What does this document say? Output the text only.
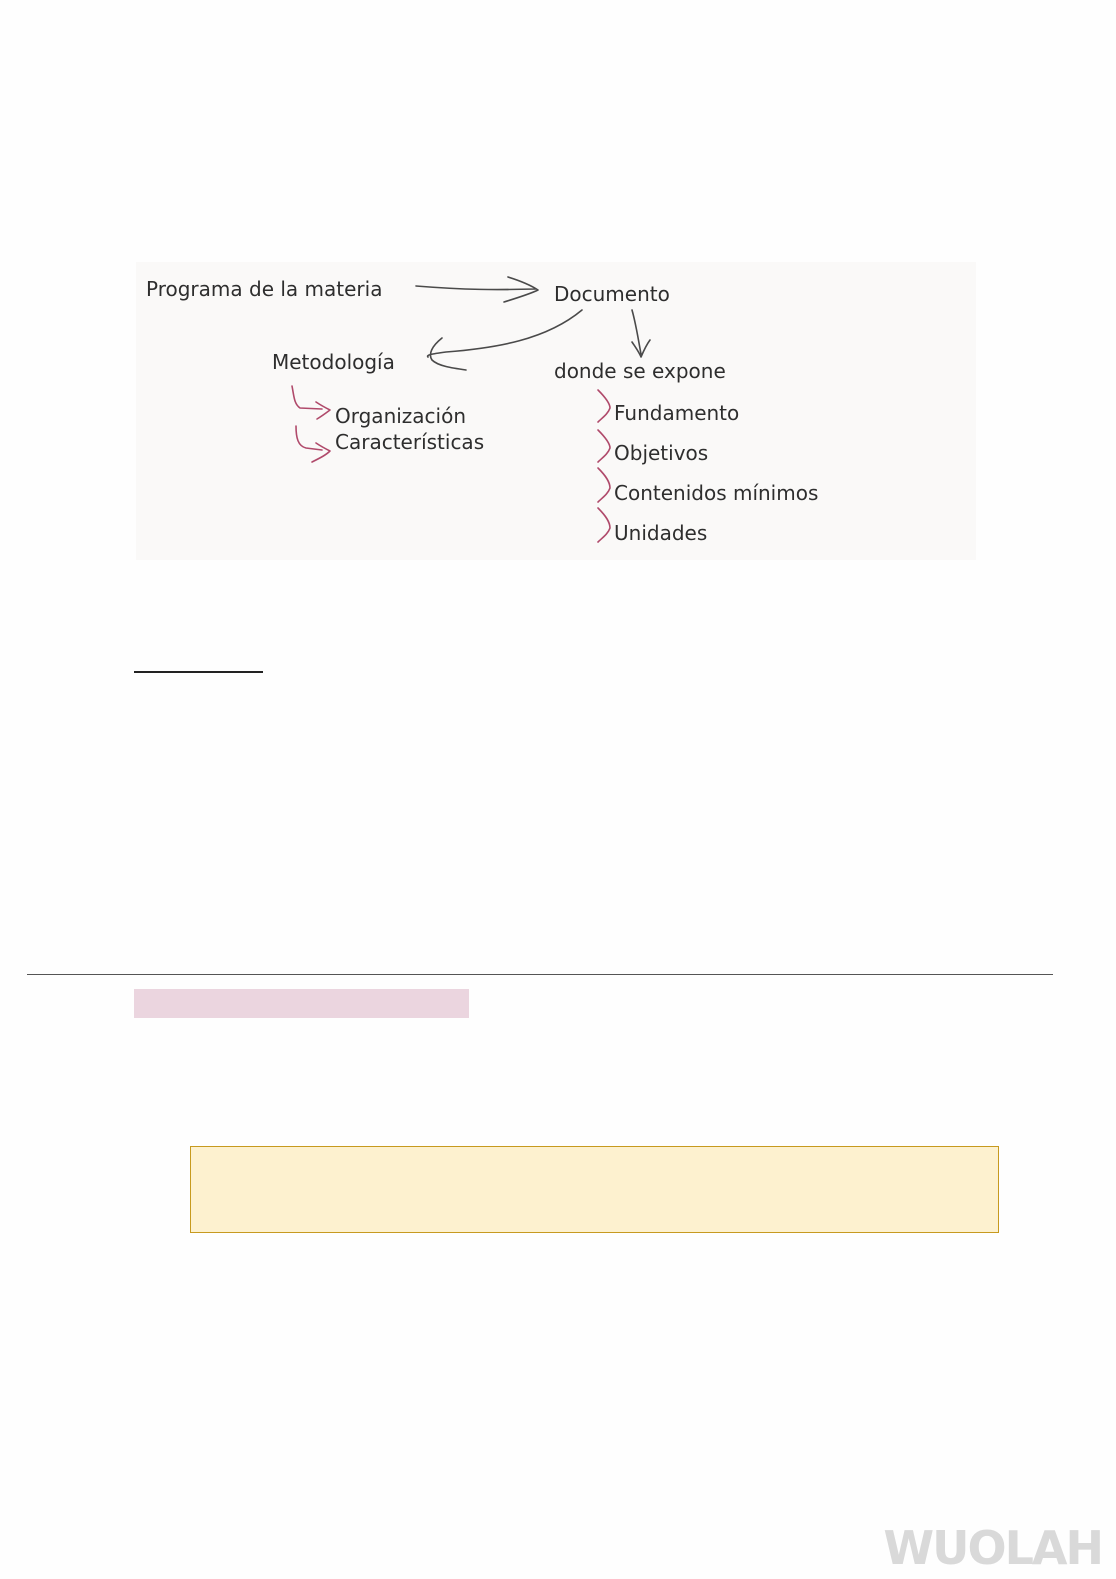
Programa de la materia	Documento
Metodología
Organización
Características
donde se expone
Fundamento
Objetivos
Contenidos mínimos
Unidades
WUOLAH
